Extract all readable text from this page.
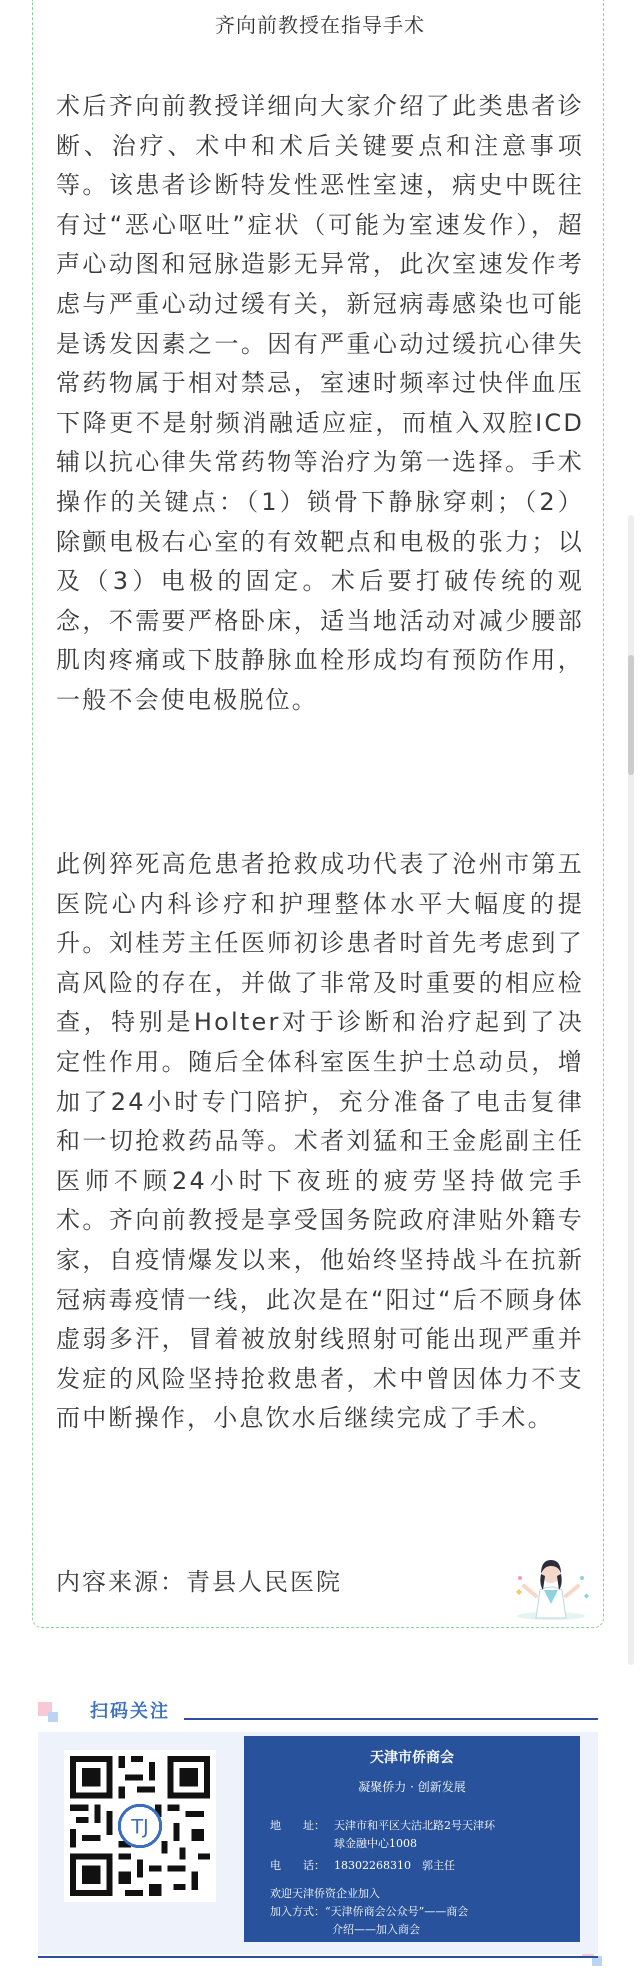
齐向前教授在指导手术

术后齐向前教授详细向大家介绍了此类患者诊断、治疗、术中和术后关键要点和注意事项等。该患者诊断特发性恶性室速，病史中既往有过“恶心呕吐”症状（可能为室速发作），超声心动图和冠脉造影无异常，此次室速发作考虑与严重心动过缓有关，新冠病毒感染也可能是诱发因素之一。因有严重心动过缓抗心律失常药物属于相对禁忌，室速时频率过快伴血压下降更不是射频消融适应症，而植入双腔ICD辅以抗心律失常药物等治疗为第一选择。手术操作的关键点：（1）锁骨下静脉穿刺；（2）除颤电极右心室的有效靶点和电极的张力；以及（3）电极的固定。术后要打破传统的观念，不需要严格卧床，适当地活动对减少腰部肌肉疼痛或下肢静脉血栓形成均有预防作用，一般不会使电极脱位。

此例猝死高危患者抢救成功代表了沧州市第五医院心内科诊疗和护理整体水平大幅度的提升。刘桂芳主任医师初诊患者时首先考虑到了高风险的存在，并做了非常及时重要的相应检查，特别是Holter对于诊断和治疗起到了决定性作用。随后全体科室医生护士总动员，增加了24小时专门陪护，充分准备了电击复律和一切抢救药品等。术者刘猛和王金彪副主任医师不顾24小时下夜班的疲劳坚持做完手术。齐向前教授是享受国务院政府津贴外籍专家，自疫情爆发以来，他始终坚持战斗在抗新冠病毒疫情一线，此次是在“阳过“后不顾身体虚弱多汗，冒着被放射线照射可能出现严重并发症的风险坚持抢救患者，术中曾因体力不支而中断操作，小息饮水后继续完成了手术。

内容来源：青县人民医院

扫码关注
TJ
天津市侨商会
凝聚侨力 · 创新发展
地　　址： 天津市和平区大沽北路2号天津环
球金融中心1008
电　　话： 18302268310　郭主任
欢迎天津侨资企业加入
加入方式：“天津侨商会公众号”——商会
介绍——加入商会
